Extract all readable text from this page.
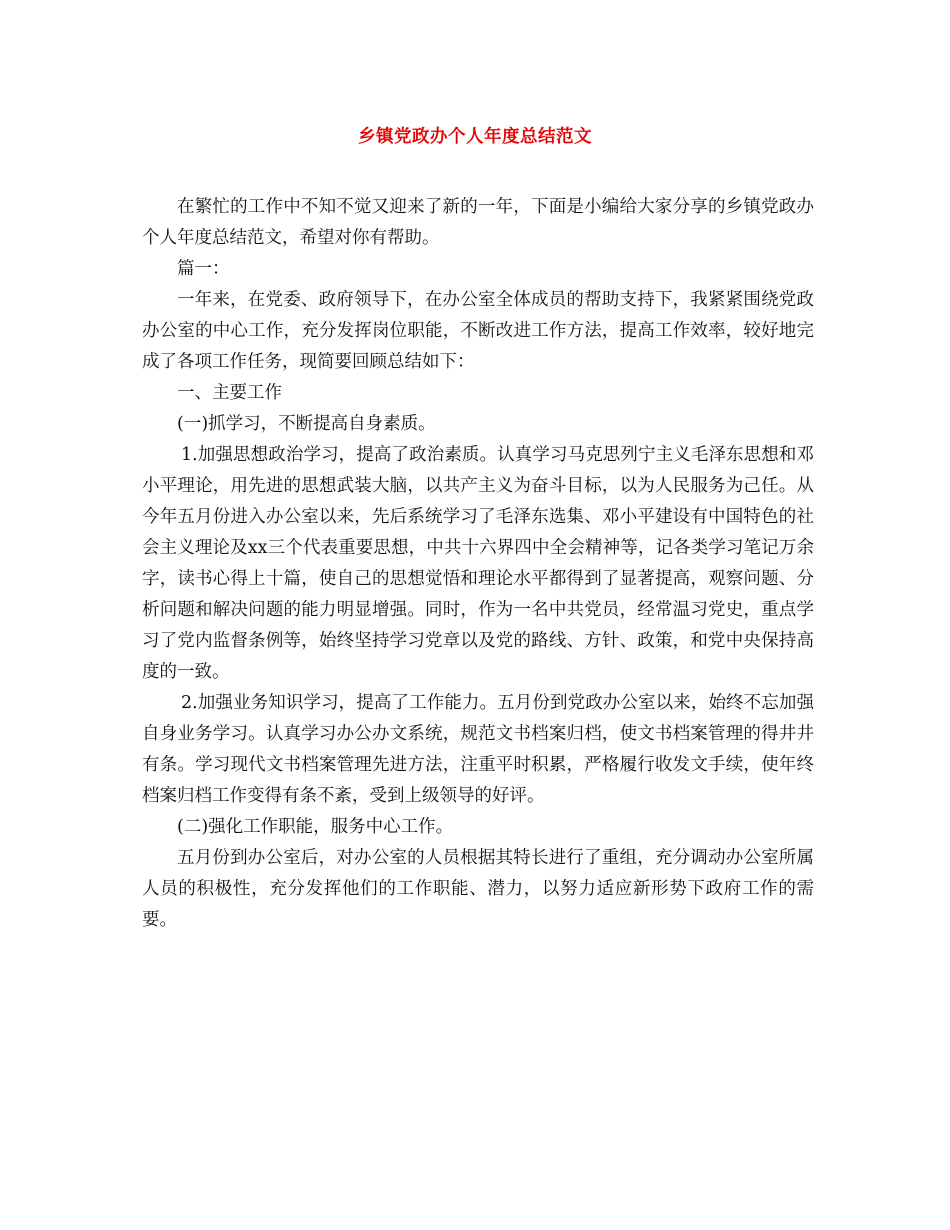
乡镇党政办个人年度总结范文

在繁忙的工作中不知不觉又迎来了新的一年，下面是小编给大家分享的乡镇党政办个人年度总结范文，希望对你有帮助。

篇一：

一年来，在党委、政府领导下，在办公室全体成员的帮助支持下，我紧紧围绕党政办公室的中心工作，充分发挥岗位职能，不断改进工作方法，提高工作效率，较好地完成了各项工作任务，现简要回顾总结如下：

一、主要工作

(一)抓学习，不断提高自身素质。

1.加强思想政治学习，提高了政治素质。认真学习马克思列宁主义毛泽东思想和邓小平理论，用先进的思想武装大脑，以共产主义为奋斗目标，以为人民服务为己任。从今年五月份进入办公室以来，先后系统学习了毛泽东选集、邓小平建设有中国特色的社会主义理论及xx三个代表重要思想，中共十六界四中全会精神等，记各类学习笔记万余字，读书心得上十篇，使自己的思想觉悟和理论水平都得到了显著提高，观察问题、分析问题和解决问题的能力明显增强。同时，作为一名中共党员，经常温习党史，重点学习了党内监督条例等，始终坚持学习党章以及党的路线、方针、政策，和党中央保持高度的一致。

2.加强业务知识学习，提高了工作能力。五月份到党政办公室以来，始终不忘加强自身业务学习。认真学习办公办文系统，规范文书档案归档，使文书档案管理的得井井有条。学习现代文书档案管理先进方法，注重平时积累，严格履行收发文手续，使年终档案归档工作变得有条不紊，受到上级领导的好评。

(二)强化工作职能，服务中心工作。

五月份到办公室后，对办公室的人员根据其特长进行了重组，充分调动办公室所属人员的积极性，充分发挥他们的工作职能、潜力，以努力适应新形势下政府工作的需要。
